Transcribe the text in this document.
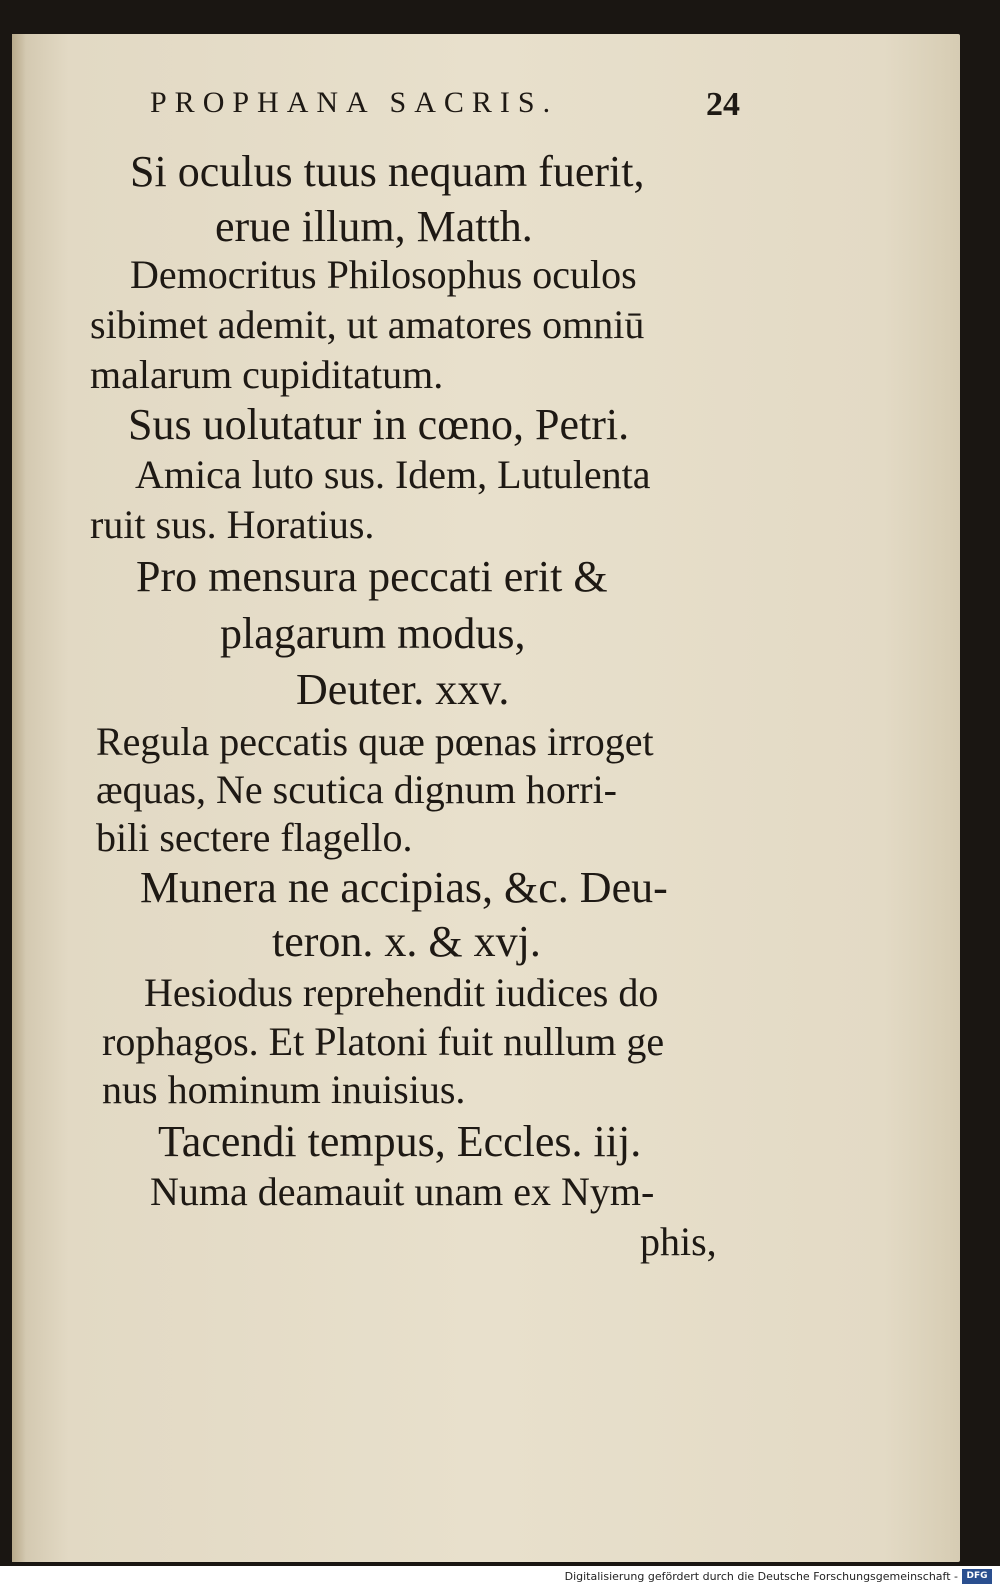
PROPHANA SACRIS.	24
Si oculus tuus nequam fuerit,
erue illum, Matth.
Democritus Philosophus oculos
sibimet ademit, ut amatores omniū
malarum cupiditatum.
Sus uolutatur in cœno, Petri.
Amica luto sus. Idem, Lutulenta
ruit sus. Horatius.
Pro mensura peccati erit &
plagarum modus,
Deuter. xxv.
Regula peccatis quæ pœnas irroget
æquas, Ne scutica dignum horri-
bili sectere flagello.
Munera ne accipias, &c. Deu-
teron. x. & xvj.
Hesiodus reprehendit iudices do
rophagos. Et Platoni fuit nullum ge
nus hominum inuisius.
Tacendi tempus, Eccles. iij.
Numa deamauit unam ex Nym-
phis,
Digitalisierung gefördert durch die Deutsche Forschungsgemeinschaft - DFG
